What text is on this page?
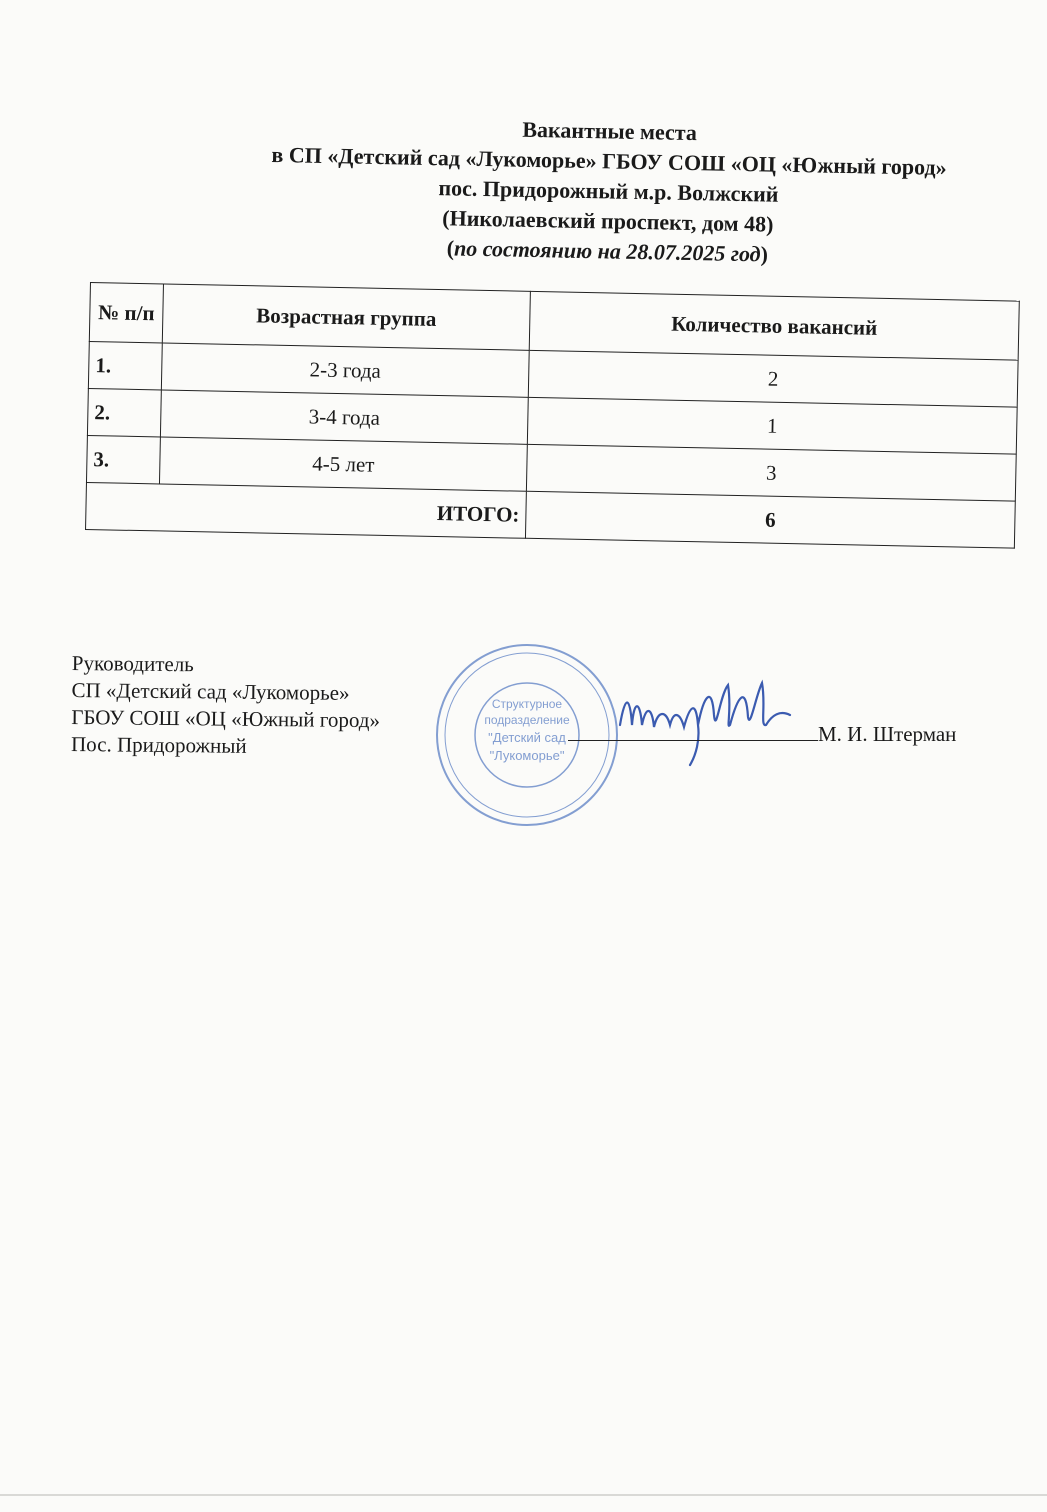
Вакантные места
в СП «Детский сад «Лукоморье» ГБОУ СОШ «ОЦ «Южный город»
пос. Придорожный м.р. Волжский
(Николаевский проспект, дом 48)
(по состоянию на 28.07.2025 год)
№ п/п	Возрастная группа	Количество вакансий
1.	2-3 года	2
2.	3-4 года	1
3.	4-5 лет	3
ИТОГО:		6
Структурное
подразделение
"Детский сад
"Лукоморье"
Руководитель
СП «Детский сад «Лукоморье»
ГБОУ СОШ «ОЦ «Южный город»
Пос. Придорожный	М. И. Штерман
